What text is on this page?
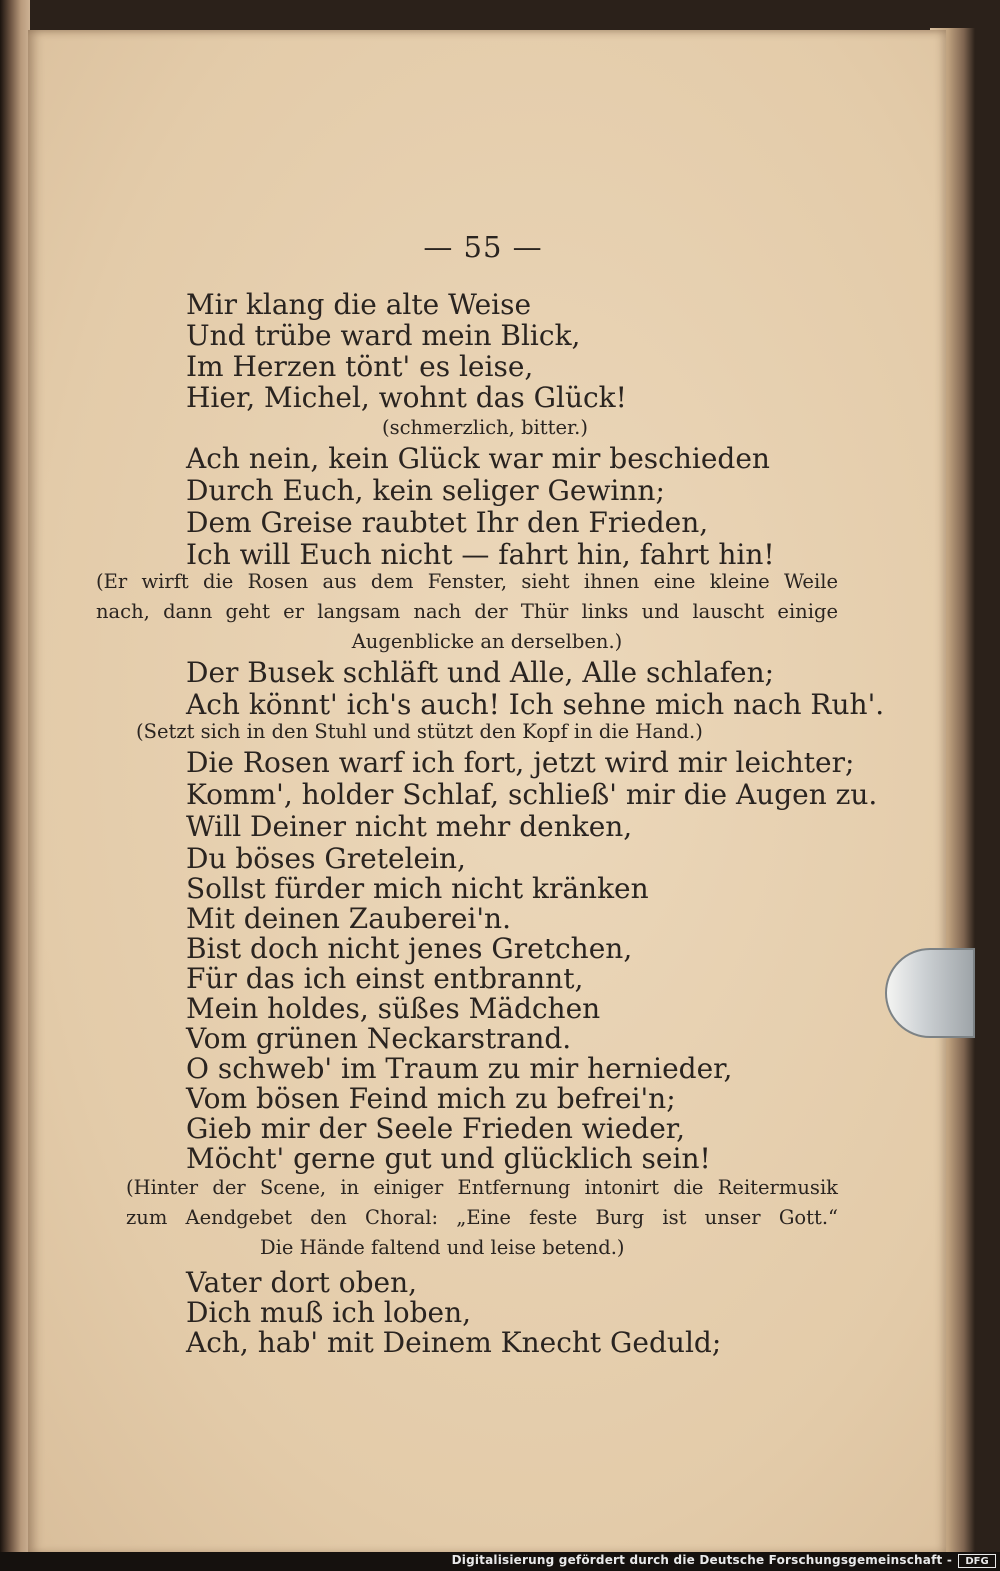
— 55 —
Mir klang die alte Weise
Und trübe ward mein Blick,
Im Herzen tönt' es leise,
Hier, Michel, wohnt das Glück!
(schmerzlich, bitter.)
Ach nein, kein Glück war mir beschieden
Durch Euch, kein seliger Gewinn;
Dem Greise raubtet Ihr den Frieden,
Ich will Euch nicht — fahrt hin, fahrt hin!
(Er wirft die Rosen aus dem Fenster, sieht ihnen eine kleine Weile
nach, dann geht er langsam nach der Thür links und lauscht einige
Augenblicke an derselben.)
Der Busek schläft und Alle, Alle schlafen;
Ach könnt' ich's auch! Ich sehne mich nach Ruh'.
(Setzt sich in den Stuhl und stützt den Kopf in die Hand.)
Die Rosen warf ich fort, jetzt wird mir leichter;
Komm', holder Schlaf, schließ' mir die Augen zu.
Will Deiner nicht mehr denken,
Du böses Gretelein,
Sollst fürder mich nicht kränken
Mit deinen Zauberei'n.
Bist doch nicht jenes Gretchen,
Für das ich einst entbrannt,
Mein holdes, süßes Mädchen
Vom grünen Neckarstrand.
O schweb' im Traum zu mir hernieder,
Vom bösen Feind mich zu befrei'n;
Gieb mir der Seele Frieden wieder,
Möcht' gerne gut und glücklich sein!
(Hinter der Scene, in einiger Entfernung intonirt die Reitermusik
zum Aendgebet den Choral: „Eine feste Burg ist unser Gott.“
Die Hände faltend und leise betend.)
Vater dort oben,
Dich muß ich loben,
Ach, hab' mit Deinem Knecht Geduld;
Digitalisierung gefördert durch die Deutsche Forschungsgemeinschaft -	DFG
